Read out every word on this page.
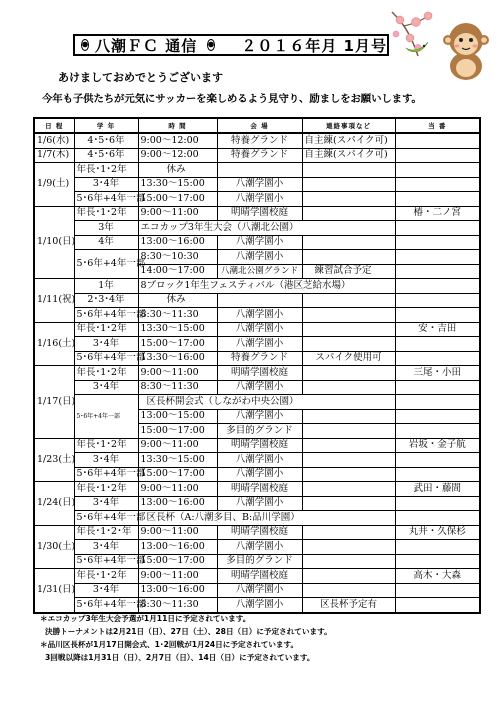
八潮ＦＣ 通信	２０１６年月 1月号
あけましておめでとうございます
今年も子供たちが元気にサッカーを楽しめるよう見守り、励ましをお願いします。
日 程	学 年	時 間	会 場	連絡事項など	当 番
1/6(水)	4･5･6年	9:00～12:00	特養グランド	自主練(スパイク可)	
1/7(木)	4･5･6年	9:00～12:00	特養グランド	自主練(スパイク可)	
1/9(土)	年長･1･2年	休み			
	3･4年	13:30～15:00	八潮学園小		
	5･6年+4年一部	15:00～17:00	八潮学園小		
1/10(日)	年長･1･2年	9:00～11:00	明晴学園校庭		椿・二ノ宮
	3年	エコカップ3年生大会（八潮北公園）			
	4年	13:00～16:00	八潮学園小		
	5･6年+4年一部	8:30～10:30	八潮学園小		
		14:00～17:00	八潮北公園グランド	練習試合予定	
1/11(祝)	1年	8ブロック1年生フェスティバル（港区芝給水場）			
	2･3･4年	休み			
	5･6年+4年一部	8:30～11:30	八潮学園小		
1/16(土)	年長･1･2年	13:30～15:00	八潮学園小		安・吉田
	3･4年	15:00～17:00	八潮学園小		
	5･6年+4年一部	13:30～16:00	特養グランド	スパイク使用可	
1/17(日)	年長･1･2年	9:00～11:00	明晴学園校庭		三尾・小田
	3･4年	8:30～11:30	八潮学園小		
	5･6年+4年一部	区長杯開会式（しながわ中央公園）			
		13:00～15:00	八潮学園小		
		15:00～17:00	多目的グランド		
1/23(土)	年長･1･2年	9:00～11:00	明晴学園校庭		岩坂・金子航
	3･4年	13:30～15:00	八潮学園小		
	5･6年+4年一部	15:00～17:00	八潮学園小		
1/24(日)	年長･1･2年	9:00～11:00	明晴学園校庭		武田・藤間
	3･4年	13:00～16:00	八潮学園小		
	5･6年+4年一部	区長杯（A:八潮多目、B:品川学園）			
1/30(土)	年長･1･2･年	9:00～11:00	明晴学園校庭		丸井・久保杉
	3･4年	13:00～16:00	八潮学園小		
	5･6年+4年一部	15:00～17:00	多目的グランド		
1/31(日)	年長･1･2年	9:00～11:00	明晴学園校庭		高木・大森
	3･4年	13:00～16:00	八潮学園小		
	5･6年+4年一部	8:30～11:30	八潮学園小	区長杯予定有	
＊エコカップ3年生大会予選が1月11日に予定されています。
決勝トーナメントは2月21日（日）、27日（土）、28日（日）に予定されています。
＊品川区長杯が1月17日開会式、1･2回戦が1月24日に予定されています。
3回戦以降は1月31日（日）、2月7日（日）、14日（日）に予定されています。
